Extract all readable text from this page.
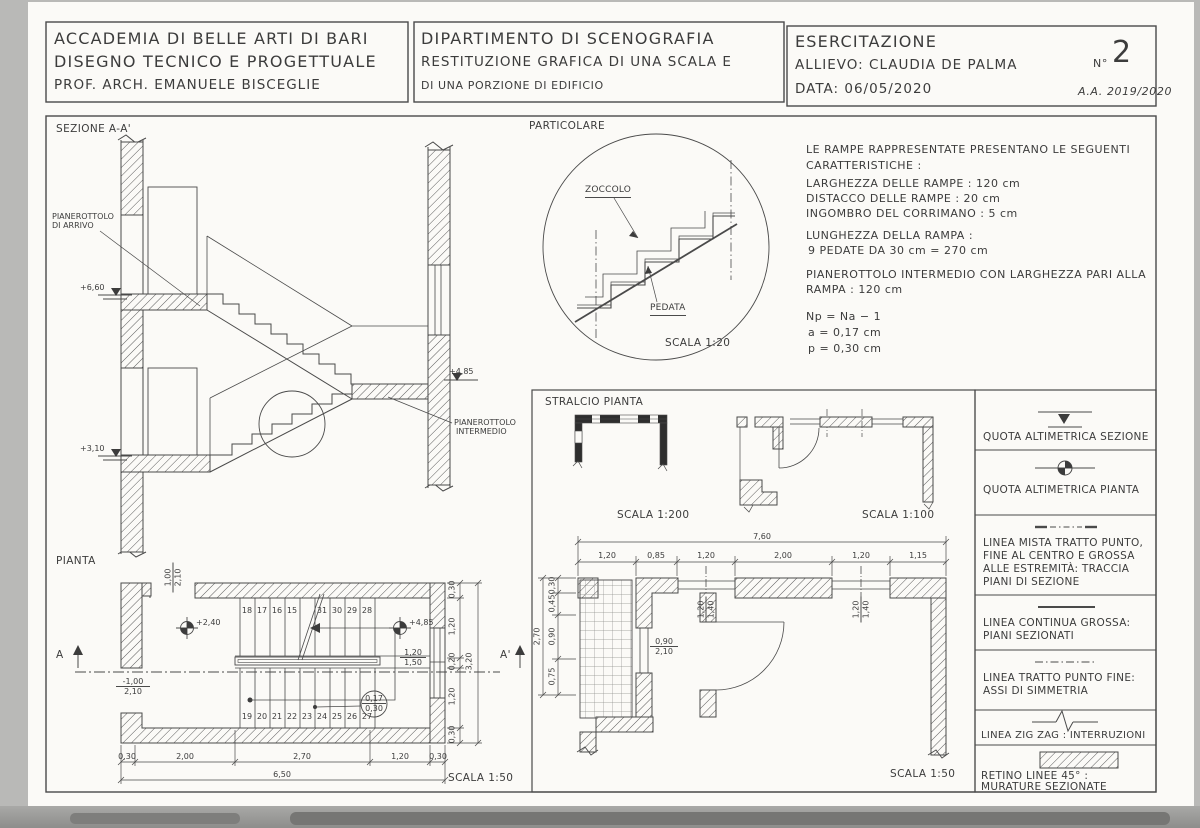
ACCADEMIA DI BELLE ARTI DI BARI
DISEGNO TECNICO E PROGETTUALE
PROF. ARCH. EMANUELE BISCEGLIE
DIPARTIMENTO DI SCENOGRAFIA
RESTITUZIONE GRAFICA DI UNA SCALA E
DI UNA PORZIONE DI EDIFICIO
ESERCITAZIONE
ALLIEVO: CLAUDIA DE PALMA
DATA: 06/05/2020
N° 2
A.A. 2019/2020
SEZIONE A-A'
PIANEROTTOLO
DI ARRIVO
+6,60
+3,10
+4,85
PIANEROTTOLO
INTERMEDIO
PARTICOLARE
ZOCCOLO
PEDATA
SCALA 1:20
LE RAMPE RAPPRESENTATE PRESENTANO LE SEGUENTI
CARATTERISTICHE :
LARGHEZZA DELLE RAMPE : 120 cm
DISTACCO DELLE RAMPE : 20 cm
INGOMBRO DEL CORRIMANO : 5 cm
LUNGHEZZA DELLA RAMPA :
9 PEDATE DA 30 cm = 270 cm
PIANEROTTOLO INTERMEDIO CON LARGHEZZA PARI ALLA
RAMPA : 120 cm
Np = Na − 1
a = 0,17 cm
p = 0,30 cm
PIANTA
SCALA 1:50
18 17 16 15 31 30 29 28
19 20 21 22 23 24 25 26 27
0,30	2,00	2,70	1,20	0,30
6,50
0,30
1,20
0,20
1,20
0,30
3,20
+2,40	+4,85
1,00 2,10
$\frac{-1,00}{2,10}$
$\frac{1,20}{1,50}$
$\frac{0,17}{0,30}$
A	A'
STRALCIO PIANTA
SCALA 1:200	SCALA 1:100
SCALA 1:50
7,60
1,20	0,85	1,20	2,00	1,20	1,15
0,30
0,45
0,90
0,75
2,70
1,20 1,40	1,20 1,40
$\frac{0,90}{2,10}$
QUOTA ALTIMETRICA SEZIONE
QUOTA ALTIMETRICA PIANTA
LINEA MISTA TRATTO PUNTO,
FINE AL CENTRO E GROSSA
ALLE ESTREMITÀ: TRACCIA
PIANI DI SEZIONE
LINEA CONTINUA GROSSA:
PIANI SEZIONATI
LINEA TRATTO PUNTO FINE:
ASSI DI SIMMETRIA
LINEA ZIG ZAG : INTERRUZIONI
RETINO LINEE 45° :
MURATURE SEZIONATE
